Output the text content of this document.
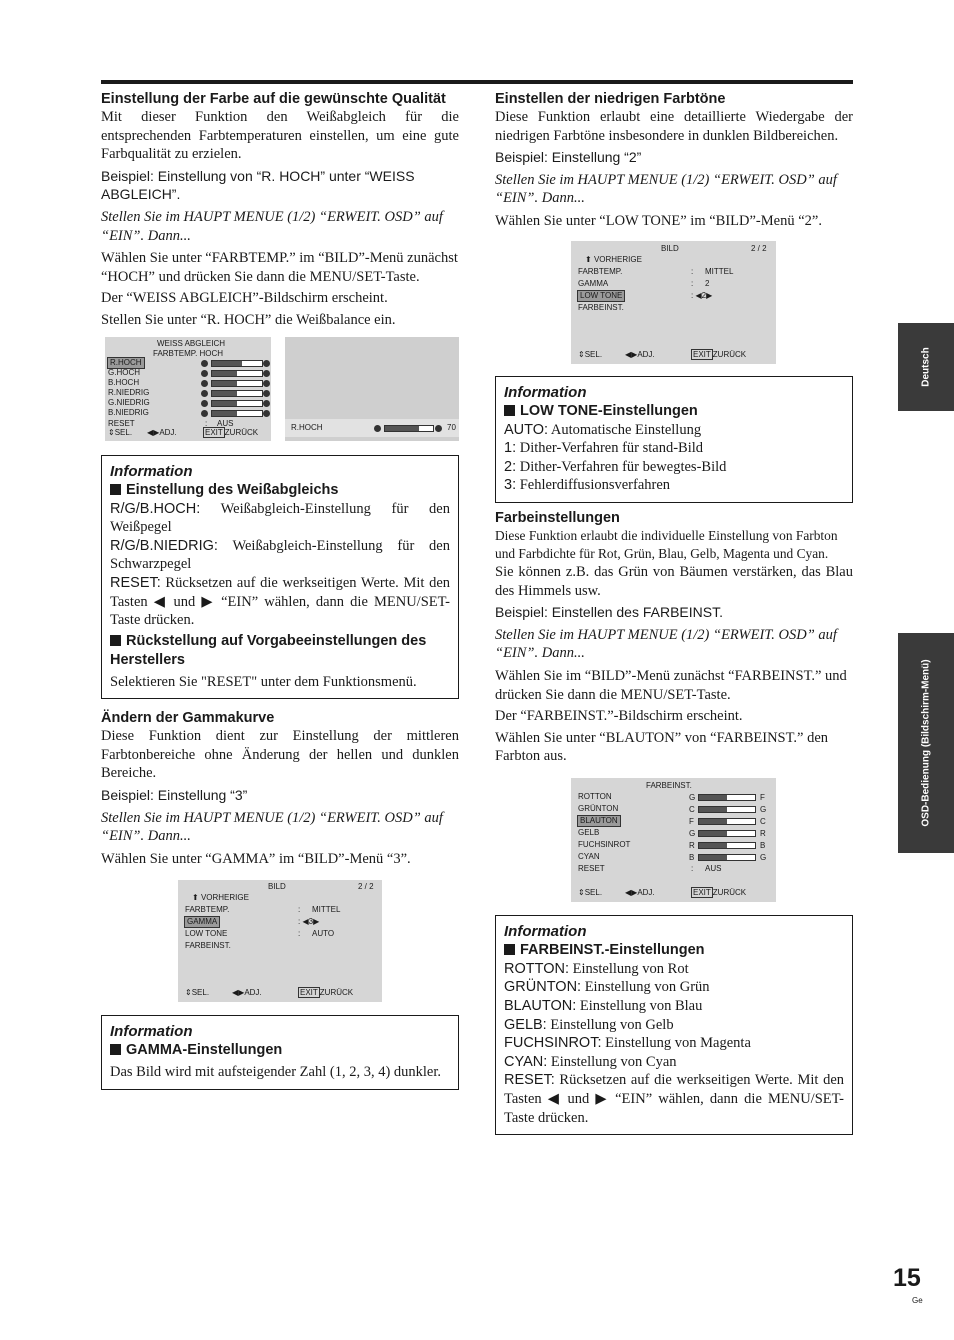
Einstellung der Farbe auf die gewünschte Qualität

Mit dieser Funktion den Weißabgleich für die entsprechenden Farbtemperaturen einstellen, um eine gute Farbqualität zu erzielen.

Beispiel: Einstellung von “R. HOCH” unter “WEISS ABGLEICH”.

Stellen Sie im HAUPT MENUE (1/2) “ERWEIT. OSD” auf “EIN”. Dann...

Wählen Sie unter “FARBTEMP.” im “BILD”-Menü zunächst “HOCH” und drücken Sie dann die MENU/SET-Taste.

Der “WEISS ABGLEICH”-Bildschirm erscheint.

Stellen Sie unter “R. HOCH” die Weißbalance ein.

WEISS ABGLEICH
FARBTEMP. HOCH
R.HOCH
G.HOCH
B.HOCH
R.NIEDRIG
G.NIEDRIG
B.NIEDRIG
RESET	: AUS
⇕SEL. ◀▶ADJ.	EXIT ZURÜCK
R.HOCH	70
Information
Einstellung des Weißabgleichs

R/G/B.HOCH: Weißabgleich-Einstellung für den Weißpegel

R/G/B.NIEDRIG: Weißabgleich-Einstellung für den Schwarzpegel

RESET: Rücksetzen auf die werkseitigen Werte. Mit den Tasten ◀ und ▶ “EIN” wählen, dann die MENU/SET-Taste drücken.

Rückstellung auf Vorgabeeinstellungen des Herstellers

Selektieren Sie "RESET" unter dem Funktionsmenü.

Ändern der Gammakurve

Diese Funktion dient zur Einstellung der mittleren Farbtonbereiche ohne Änderung der hellen und dunklen Bereiche.

Beispiel: Einstellung “3”

Stellen Sie im HAUPT MENUE (1/2) “ERWEIT. OSD” auf “EIN”. Dann...

Wählen Sie unter “GAMMA” im “BILD”-Menü “3”.

BILD	2 / 2
⬆ VORHERIGE
FARBTEMP.	: MITTEL
GAMMA	: ◀3▶
LOW TONE	: AUTO
FARBEINST.
⇕SEL.	◀▶ADJ.	EXIT ZURÜCK
Information
GAMMA-Einstellungen

Das Bild wird mit aufsteigender Zahl (1, 2, 3, 4) dunkler.

Einstellen der niedrigen Farbtöne

Diese Funktion erlaubt eine detaillierte Wiedergabe der niedrigen Farbtöne insbesondere in dunklen Bildbereichen.

Beispiel: Einstellung “2”

Stellen Sie im HAUPT MENUE (1/2) “ERWEIT. OSD” auf “EIN”. Dann...

Wählen Sie unter “LOW TONE” im “BILD”-Menü “2”.

BILD	2 / 2
⬆ VORHERIGE
FARBTEMP.	: MITTEL
GAMMA	: 2
LOW TONE	: ◀2▶
FARBEINST.
⇕SEL.	◀▶ADJ.	EXIT ZURÜCK
Information
LOW TONE-Einstellungen

AUTO: Automatische Einstellung

1: Dither-Verfahren für stand-Bild

2: Dither-Verfahren für bewegtes-Bild

3: Fehlerdiffusionsverfahren

Farbeinstellungen

Diese Funktion erlaubt die individuelle Einstellung von Farbton und Farbdichte für Rot, Grün, Blau, Gelb, Magenta und Cyan.

Sie können z.B. das Grün von Bäumen verstärken, das Blau des Himmels usw.

Beispiel: Einstellen des FARBEINST.

Stellen Sie im HAUPT MENUE (1/2) “ERWEIT. OSD” auf “EIN”. Dann...

Wählen Sie im “BILD”-Menü zunächst “FARBEINST.” und drücken Sie dann die MENU/SET-Taste.

Der “FARBEINST.”-Bildschirm erscheint.

Wählen Sie unter “BLAUTON” von “FARBEINST.” den Farbton aus.

FARBEINST.
ROTTON	G	F
GRÜNTON	C	G
BLAUTON	F	C
GELB	G	R
FUCHSINROT	R	B
CYAN	B	G
RESET	: AUS
⇕SEL.	◀▶ADJ.	EXIT ZURÜCK
Information
FARBEINST.-Einstellungen

ROTTON: Einstellung von Rot

GRÜNTON: Einstellung von Grün

BLAUTON: Einstellung von Blau

GELB: Einstellung von Gelb

FUCHSINROT: Einstellung von Magenta

CYAN: Einstellung von Cyan

RESET: Rücksetzen auf die werkseitigen Werte. Mit den Tasten ◀ und ▶ “EIN” wählen, dann die MENU/SET-Taste drücken.

Deutsch
OSD-Bedienung (Bildschirm-Menü)
15
Ge
